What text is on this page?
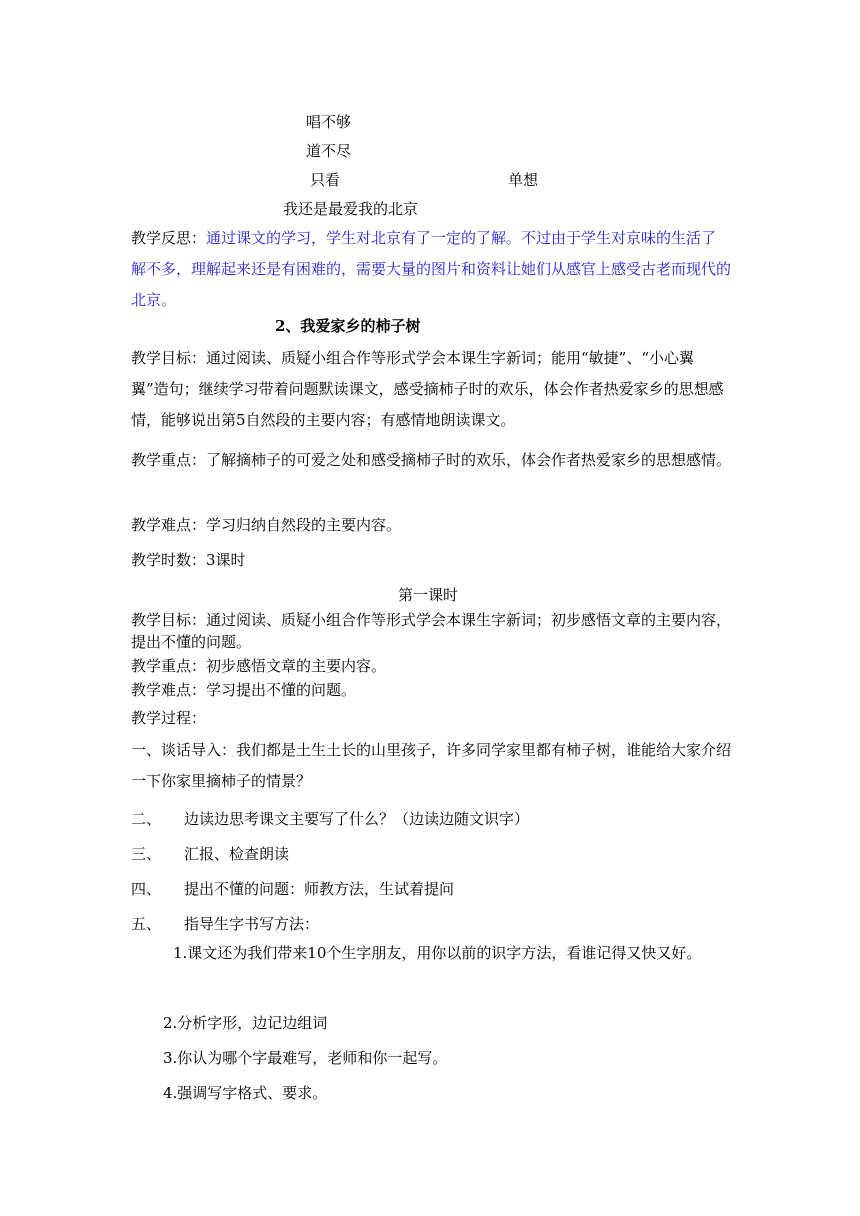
唱不够
道不尽
只看	单想
我还是最爱我的北京
教学反思：通过课文的学习，学生对北京有了一定的了解。不过由于学生对京味的生活了解不多，理解起来还是有困难的，需要大量的图片和资料让她们从感官上感受古老而现代的北京。
2、我爱家乡的柿子树
教学目标：通过阅读、质疑小组合作等形式学会本课生字新词；能用“敏捷”、“小心翼翼”造句；继续学习带着问题默读课文，感受摘柿子时的欢乐，体会作者热爱家乡的思想感情，能够说出第5自然段的主要内容；有感情地朗读课文。
教学重点：了解摘柿子的可爱之处和感受摘柿子时的欢乐，体会作者热爱家乡的思想感情。
教学难点：学习归纳自然段的主要内容。
教学时数：3课时
第一课时
教学目标：通过阅读、质疑小组合作等形式学会本课生字新词；初步感悟文章的主要内容，提出不懂的问题。
教学重点：初步感悟文章的主要内容。
教学难点：学习提出不懂的问题。
教学过程：
一、谈话导入：我们都是土生土长的山里孩子，许多同学家里都有柿子树，谁能给大家介绍一下你家里摘柿子的情景？
二、 边读边思考课文主要写了什么？（边读边随文识字）
三、 汇报、检查朗读
四、 提出不懂的问题：师教方法，生试着提问
五、 指导生字书写方法：
1.课文还为我们带来10个生字朋友，用你以前的识字方法，看谁记得又快又好。
2.分析字形，边记边组词
3.你认为哪个字最难写，老师和你一起写。
4.强调写字格式、要求。
